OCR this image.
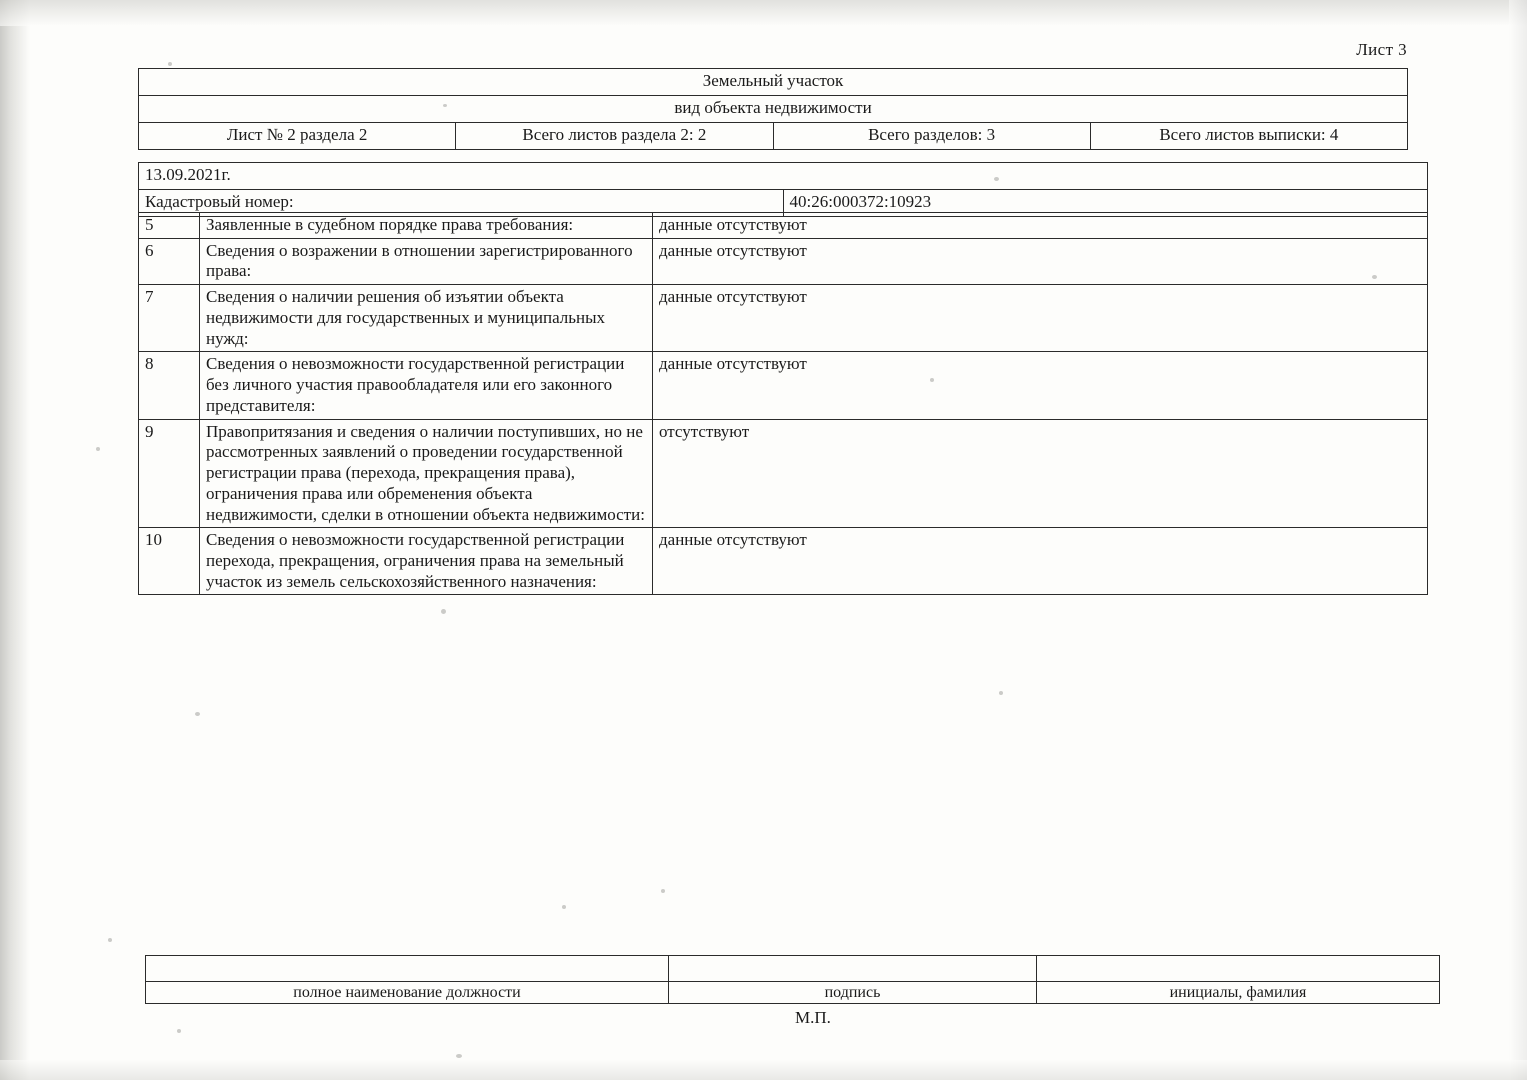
Лист 3
Земельный участок
вид объекта недвижимости
Лист № 2 раздела 2	Всего листов раздела 2: 2	Всего разделов: 3	Всего листов выписки: 4
13.09.2021г.
Кадастровый номер:	40:26:000372:10923
5	Заявленные в судебном порядке права требования:	данные отсутствуют
6	Сведения о возражении в отношении зарегистрированного права:	данные отсутствуют
7	Сведения о наличии решения об изъятии объекта недвижимости для государственных и муниципальных нужд:	данные отсутствуют
8	Сведения о невозможности государственной регистрации без личного участия правообладателя или его законного представителя:	данные отсутствуют
9	Правопритязания и сведения о наличии поступивших, но не рассмотренных заявлений о проведении государственной регистрации права (перехода, прекращения права), ограничения права или обременения объекта недвижимости, сделки в отношении объекта недвижимости:	отсутствуют
10	Сведения о невозможности государственной регистрации перехода, прекращения, ограничения права на земельный участок из земель сельскохозяйственного назначения:	данные отсутствуют

полное наименование должности	подпись	инициалы, фамилия
М.П.
